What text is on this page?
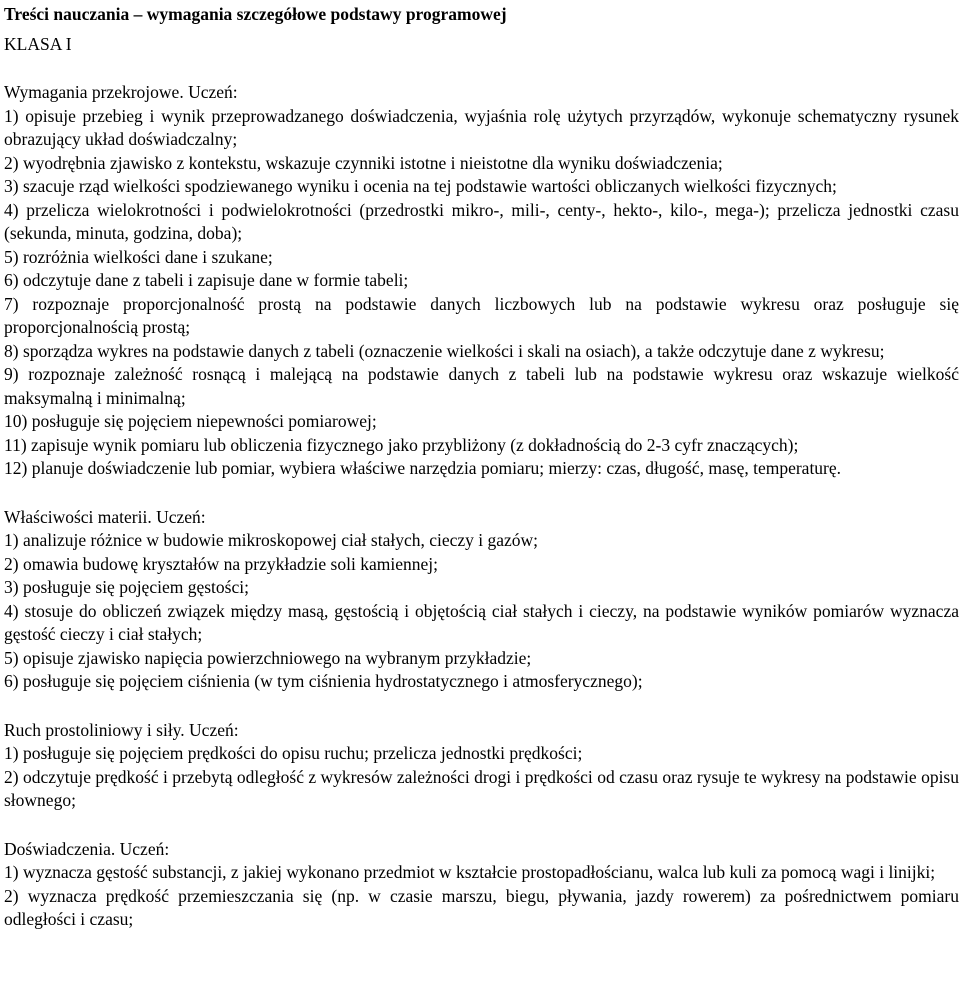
Treści nauczania – wymagania szczegółowe podstawy programowej
KLASA I
Wymagania przekrojowe. Uczeń:
1) opisuje przebieg i wynik przeprowadzanego doświadczenia, wyjaśnia rolę użytych przyrządów, wykonuje schematyczny rysunek obrazujący układ doświadczalny;
2) wyodrębnia zjawisko z kontekstu, wskazuje czynniki istotne i nieistotne dla wyniku doświadczenia;
3) szacuje rząd wielkości spodziewanego wyniku i ocenia na tej podstawie wartości obliczanych wielkości fizycznych;
4) przelicza wielokrotności i podwielokrotności (przedrostki mikro-, mili-, centy-, hekto-, kilo-, mega-); przelicza jednostki czasu (sekunda, minuta, godzina, doba);
5) rozróżnia wielkości dane i szukane;
6) odczytuje dane z tabeli i zapisuje dane w formie tabeli;
7) rozpoznaje proporcjonalność prostą na podstawie danych liczbowych lub na podstawie wykresu oraz posługuje się proporcjonalnością prostą;
8) sporządza wykres na podstawie danych z tabeli (oznaczenie wielkości i skali na osiach), a także odczytuje dane z wykresu;
9) rozpoznaje zależność rosnącą i malejącą na podstawie danych z tabeli lub na podstawie wykresu oraz wskazuje wielkość maksymalną i minimalną;
10) posługuje się pojęciem niepewności pomiarowej;
11) zapisuje wynik pomiaru lub obliczenia fizycznego jako przybliżony (z dokładnością do 2-3 cyfr znaczących);
12) planuje doświadczenie lub pomiar, wybiera właściwe narzędzia pomiaru; mierzy: czas, długość, masę, temperaturę.
Właściwości materii. Uczeń:
1) analizuje różnice w budowie mikroskopowej ciał stałych, cieczy i gazów;
2) omawia budowę kryształów na przykładzie soli kamiennej;
3) posługuje się pojęciem gęstości;
4) stosuje do obliczeń związek między masą, gęstością i objętością ciał stałych i cieczy, na podstawie wyników pomiarów wyznacza gęstość cieczy i ciał stałych;
5) opisuje zjawisko napięcia powierzchniowego na wybranym przykładzie;
6) posługuje się pojęciem ciśnienia (w tym ciśnienia hydrostatycznego i atmosferycznego);
Ruch prostoliniowy i siły. Uczeń:
1) posługuje się pojęciem prędkości do opisu ruchu; przelicza jednostki prędkości;
2) odczytuje prędkość i przebytą odległość z wykresów zależności drogi i prędkości od czasu oraz rysuje te wykresy na podstawie opisu słownego;
Doświadczenia. Uczeń:
1) wyznacza gęstość substancji, z jakiej wykonano przedmiot w kształcie prostopadłościanu, walca lub kuli za pomocą wagi i linijki;
2) wyznacza prędkość przemieszczania się (np. w czasie marszu, biegu, pływania, jazdy rowerem) za pośrednictwem pomiaru odległości i czasu;
